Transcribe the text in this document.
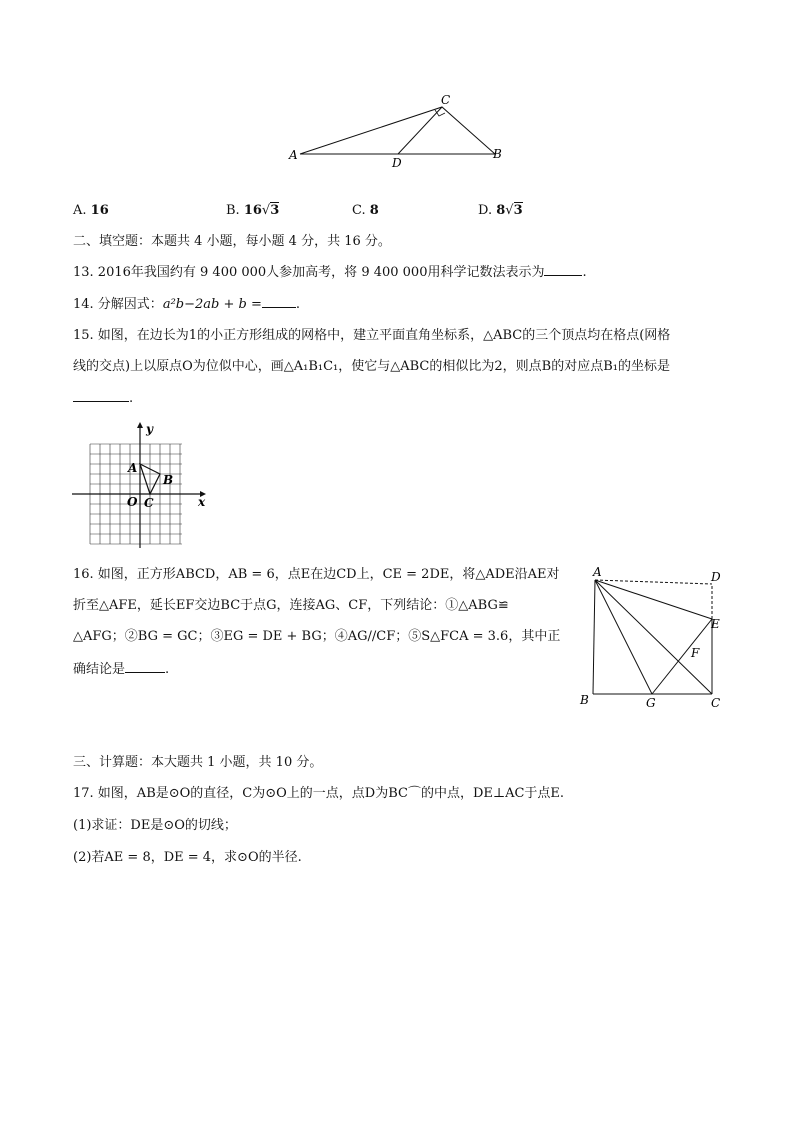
A
C
B
D
A. 16	B. 16√3	C. 8	D. 8√3
二、填空题：本题共 4 小题，每小题 4 分，共 16 分。
13. 2016年我国约有 9 400 000人参加高考，将 9 400 000用科学记数法表示为	.
14. 分解因式：a²b−2ab + b =	.
15. 如图，在边长为1的小正方形组成的网格中，建立平面直角坐标系，△ABC的三个顶点均在格点(网格
线的交点)上以原点O为位似中心，画△A₁B₁C₁，使它与△ABC的相似比为2，则点B的对应点B₁的坐标是
.
y
x
A
B
C
O
16. 如图，正方形ABCD，AB = 6，点E在边CD上，CE = 2DE，将△ADE沿AE对
折至△AFE，延长EF交边BC于点G，连接AG、CF，下列结论：①△ABG≌
△AFG；②BG = GC；③EG = DE + BG；④AG//CF；⑤S△FCA = 3.6，其中正
确结论是	.
A	D
E
F
B	G	C
三、计算题：本大题共 1 小题，共 10 分。
17. 如图，AB是⊙O的直径，C为⊙O上的一点，点D为BC⌒的中点，DE⊥AC于点E.
(1)求证：DE是⊙O的切线；
(2)若AE = 8，DE = 4，求⊙O的半径.
